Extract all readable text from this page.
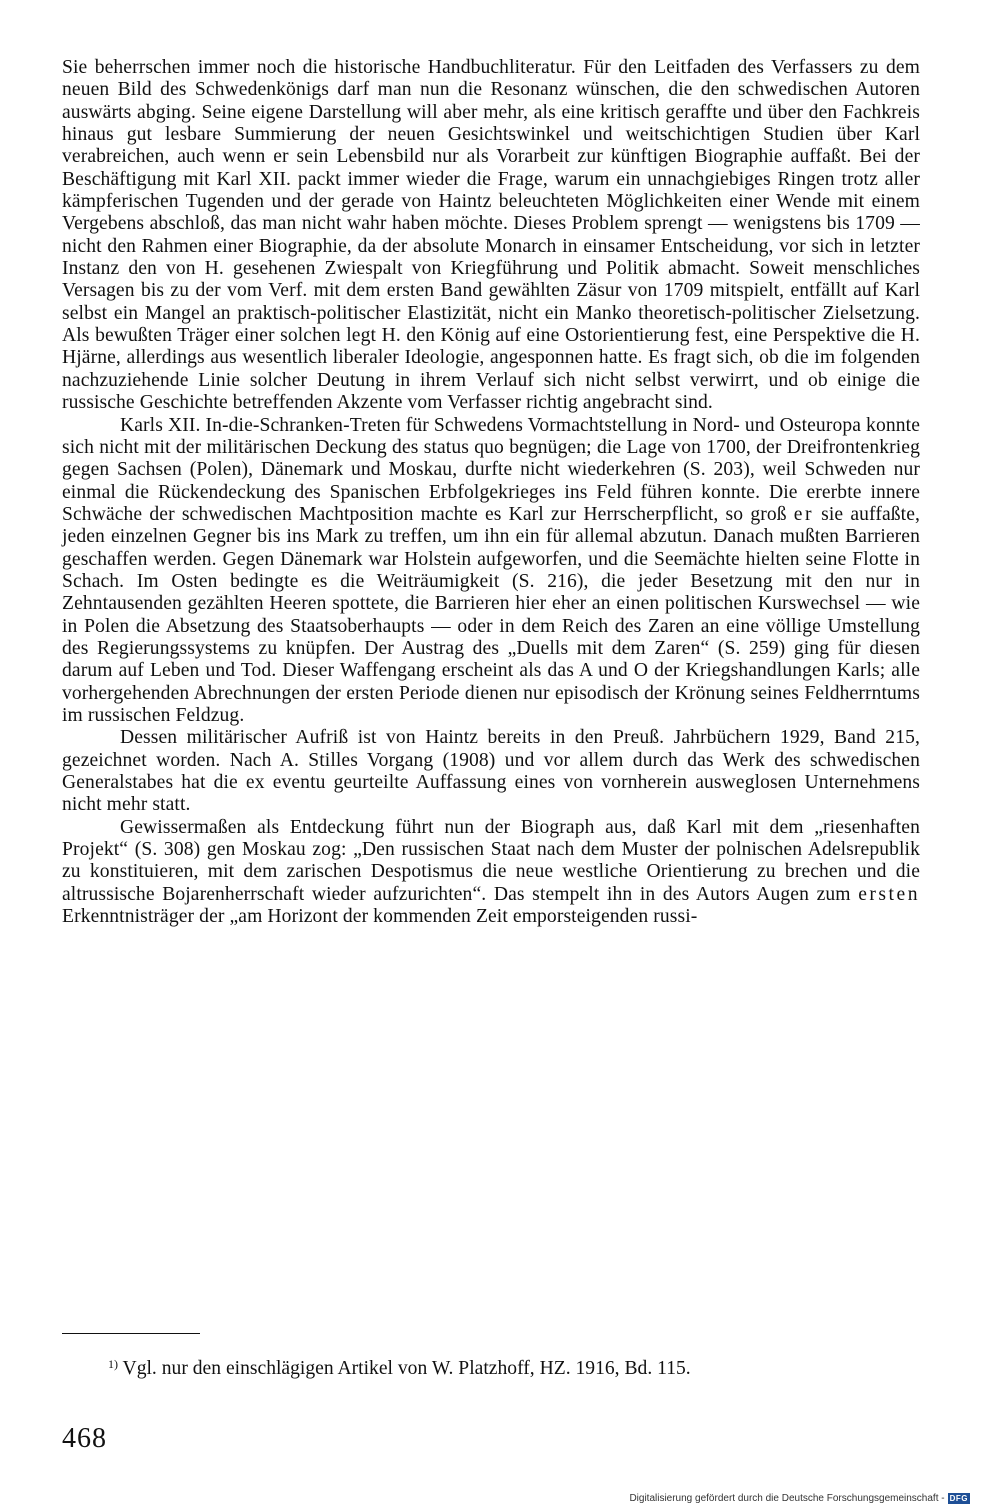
Sie beherrschen immer noch die historische Handbuchliteratur. Für den Leitfaden des Verfassers zu dem neuen Bild des Schwedenkönigs darf man nun die Resonanz wünschen, die den schwedischen Autoren auswärts abging. Seine eigene Darstellung will aber mehr, als eine kritisch geraffte und über den Fachkreis hinaus gut lesbare Summierung der neuen Gesichtswinkel und weitschichtigen Studien über Karl verabreichen, auch wenn er sein Lebensbild nur als Vorarbeit zur künftigen Biographie auffaßt. Bei der Beschäftigung mit Karl XII. packt immer wieder die Frage, warum ein unnachgiebiges Ringen trotz aller kämpferischen Tugenden und der gerade von Haintz beleuchteten Möglichkeiten einer Wende mit einem Vergebens abschloß, das man nicht wahr haben möchte. Dieses Problem sprengt — wenigstens bis 1709 — nicht den Rahmen einer Biographie, da der absolute Monarch in einsamer Entscheidung, vor sich in letzter Instanz den von H. gesehenen Zwiespalt von Kriegführung und Politik abmacht. Soweit menschliches Versagen bis zu der vom Verf. mit dem ersten Band gewählten Zäsur von 1709 mitspielt, entfällt auf Karl selbst ein Mangel an praktisch-politischer Elastizität, nicht ein Manko theoretisch-politischer Zielsetzung. Als bewußten Träger einer solchen legt H. den König auf eine Ostorientierung fest, eine Perspektive die H. Hjärne, allerdings aus wesentlich liberaler Ideologie, angesponnen hatte. Es fragt sich, ob die im folgenden nachzuziehende Linie solcher Deutung in ihrem Verlauf sich nicht selbst verwirrt, und ob einige die russische Geschichte betreffenden Akzente vom Verfasser richtig angebracht sind.

Karls XII. In-die-Schranken-Treten für Schwedens Vormachtstellung in Nord- und Osteuropa konnte sich nicht mit der militärischen Deckung des status quo begnügen; die Lage von 1700, der Dreifrontenkrieg gegen Sachsen (Polen), Dänemark und Moskau, durfte nicht wiederkehren (S. 203), weil Schweden nur einmal die Rückendeckung des Spanischen Erbfolgekrieges ins Feld führen konnte. Die ererbte innere Schwäche der schwedischen Machtposition machte es Karl zur Herrscherpflicht, so groß er sie auffaßte, jeden einzelnen Gegner bis ins Mark zu treffen, um ihn ein für allemal abzutun. Danach mußten Barrieren geschaffen werden. Gegen Dänemark war Holstein aufgeworfen, und die Seemächte hielten seine Flotte in Schach. Im Osten bedingte es die Weiträumigkeit (S. 216), die jeder Besetzung mit den nur in Zehntausenden gezählten Heeren spottete, die Barrieren hier eher an einen politischen Kurswechsel — wie in Polen die Absetzung des Staatsoberhaupts — oder in dem Reich des Zaren an eine völlige Umstellung des Regierungssystems zu knüpfen. Der Austrag des „Duells mit dem Zaren“ (S. 259) ging für diesen darum auf Leben und Tod. Dieser Waffengang erscheint als das A und O der Kriegshandlungen Karls; alle vorhergehenden Abrechnungen der ersten Periode dienen nur episodisch der Krönung seines Feldherrntums im russischen Feldzug.

Dessen militärischer Aufriß ist von Haintz bereits in den Preuß. Jahrbüchern 1929, Band 215, gezeichnet worden. Nach A. Stilles Vorgang (1908) und vor allem durch das Werk des schwedischen Generalstabes hat die ex eventu geurteilte Auffassung eines von vornherein ausweglosen Unternehmens nicht mehr statt.

Gewissermaßen als Entdeckung führt nun der Biograph aus, daß Karl mit dem „riesenhaften Projekt“ (S. 308) gen Moskau zog: „Den russischen Staat nach dem Muster der polnischen Adelsrepublik zu konstituieren, mit dem zarischen Despotismus die neue westliche Orientierung zu brechen und die altrussische Bojarenherrschaft wieder aufzurichten“. Das stempelt ihn in des Autors Augen zum ersten Erkenntnisträger der „am Horizont der kommenden Zeit emporsteigenden russi-

$^{1)}$ Vgl. nur den einschlägigen Artikel von W. Platzhoff, HZ. 1916, Bd. 115.
468
Digitalisierung gefördert durch die Deutsche Forschungsgemeinschaft - DFG
